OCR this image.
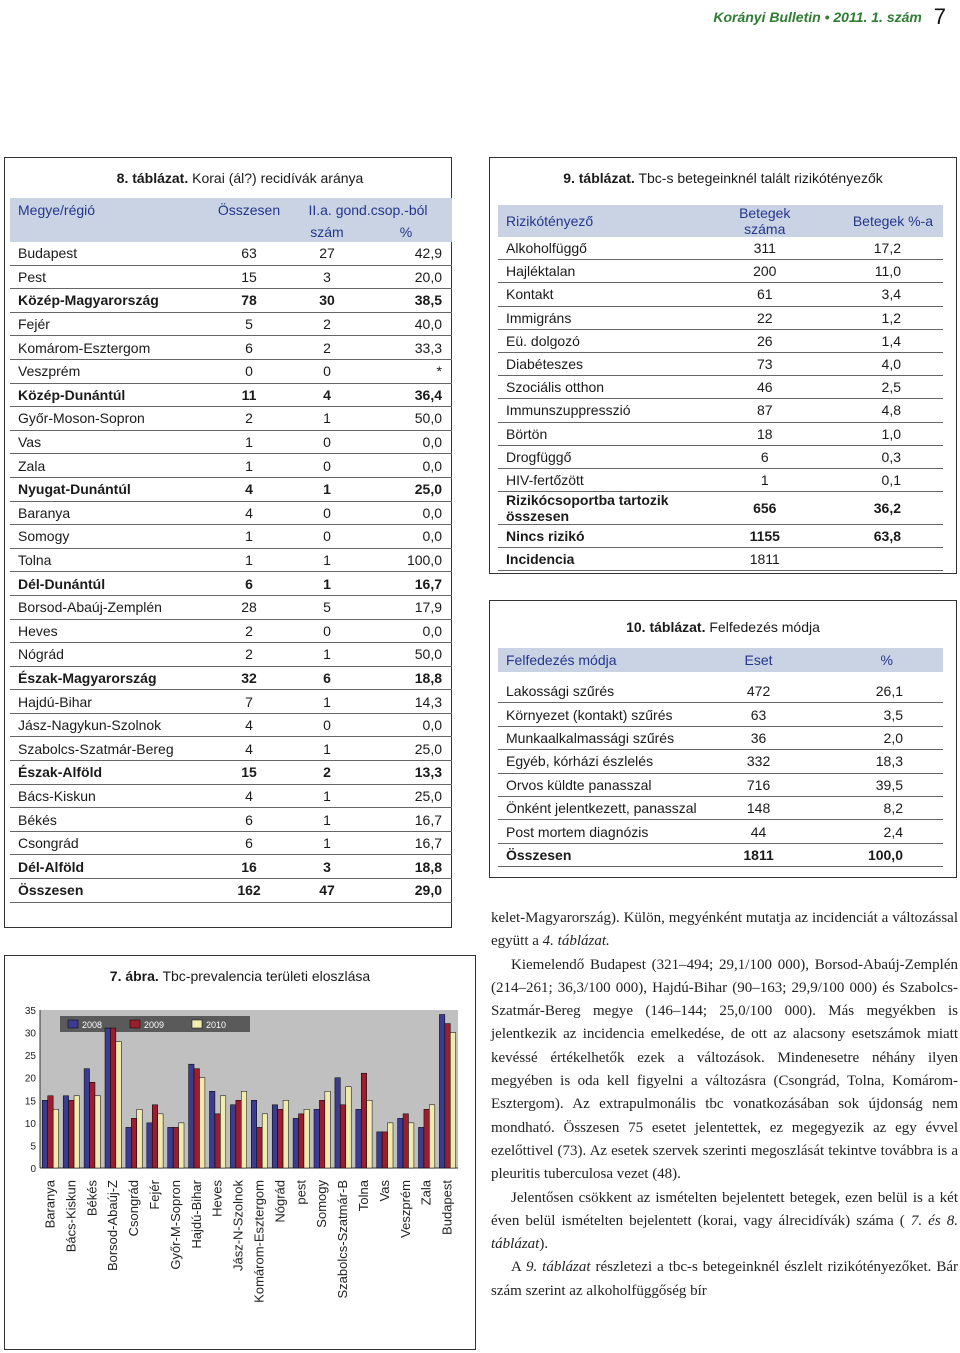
Korányi Bulletin • 2011. 1. szám 7
8. táblázat. Korai (ál?) recidívák aránya
Megye/régió	Összesen	II.a. gond.csop.-ból	
		szám	%
Budapest	63	27	42,9
Pest	15	3	20,0
Közép-Magyarország	78	30	38,5
Fejér	5	2	40,0
Komárom-Esztergom	6	2	33,3
Veszprém	0	0	*
Közép-Dunántúl	11	4	36,4
Győr-Moson-Sopron	2	1	50,0
Vas	1	0	0,0
Zala	1	0	0,0
Nyugat-Dunántúl	4	1	25,0
Baranya	4	0	0,0
Somogy	1	0	0,0
Tolna	1	1	100,0
Dél-Dunántúl	6	1	16,7
Borsod-Abaúj-Zemplén	28	5	17,9
Heves	2	0	0,0
Nógrád	2	1	50,0
Észak-Magyarország	32	6	18,8
Hajdú-Bihar	7	1	14,3
Jász-Nagykun-Szolnok	4	0	0,0
Szabolcs-Szatmár-Bereg	4	1	25,0
Észak-Alföld	15	2	13,3
Bács-Kiskun	4	1	25,0
Békés	6	1	16,7
Csongrád	6	1	16,7
Dél-Alföld	16	3	18,8
Összesen	162	47	29,0
7. ábra. Tbc-prevalencia területi eloszlása
0
5
10
15
20
25
30
35
2008	2009	2010
Baranya Bács-Kiskun Békés Borsod-Abaúj-Z Csongrád Fejér Győr-M-Sopron Hajdú-Bihar Heves Jász-N-Szolnok Komárom-Esztergom Nógrád pest Somogy Szabolcs-Szatmár-B Tolna Vas Veszprém Zala Budapest
9. táblázat. Tbc-s betegeinknél talált rizikótényezők
Rizikótényező	Betegek száma	Betegek %-a
Alkoholfüggő	311	17,2
Hajléktalan	200	11,0
Kontakt	61	3,4
Immigráns	22	1,2
Eü. dolgozó	26	1,4
Diabéteszes	73	4,0
Szociális otthon	46	2,5
Immunszuppresszió	87	4,8
Börtön	18	1,0
Drogfüggő	6	0,3
HIV-fertőzött	1	0,1
Rizikócsoportba tartozik összesen	656	36,2
Nincs rizikó	1155	63,8
Incidencia	1811	
10. táblázat. Felfedezés módja
Felfedezés módja	Eset	%

Lakossági szűrés	472	26,1
Környezet (kontakt) szűrés	63	3,5
Munkaalkalmassági szűrés	36	2,0
Egyéb, kórházi észlelés	332	18,3
Orvos küldte panasszal	716	39,5
Önként jelentkezett, panasszal	148	8,2
Post mortem diagnózis	44	2,4
Összesen	1811	100,0

kelet-Magyarország). Külön, megyénként mutatja az incidenciát a változással együtt a 4. táblázat.

Kiemelendő Budapest (321–494; 29,1/100 000), Borsod-Abaúj-Zemplén (214–261; 36,3/100 000), Hajdú-Bihar (90–163; 29,9/100 000) és Szabolcs-Szatmár-Bereg megye (146–144; 25,0/100 000). Más megyékben is jelentkezik az incidencia emelkedése, de ott az alacsony esetszámok miatt kevéssé értékelhetők ezek a változások. Mindenesetre néhány ilyen megyében is oda kell figyelni a változásra (Csongrád, Tolna, Komárom-Esztergom). Az extrapulmonális tbc vonatkozásában sok újdonság nem mondható. Összesen 75 esetet jelentettek, ez megegyezik az egy évvel ezelőttivel (73). Az esetek szervek szerinti megoszlását tekintve továbbra is a pleuritis tuberculosa vezet (48).

Jelentősen csökkent az ismételten bejelentett betegek, ezen belül is a két éven belül ismételten bejelentett (korai, vagy álrecidívák) száma ( 7. és 8. táblázat).

A 9. táblázat részletezi a tbc-s betegeinknél észlelt rizikótényezőket. Bár szám szerint az alkoholfüggőség bír
